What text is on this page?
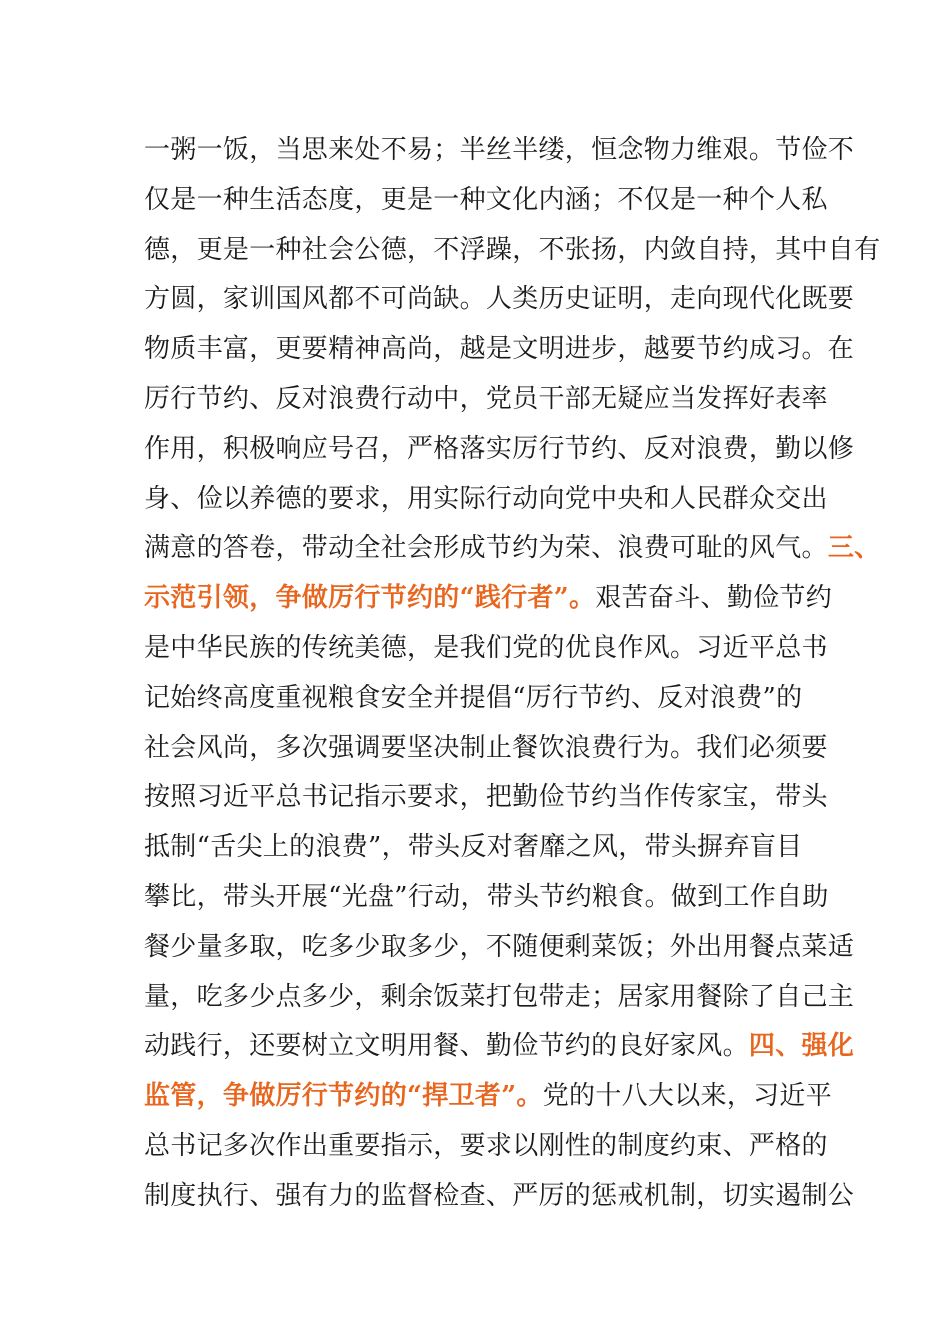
一粥一饭，当思来处不易；半丝半缕，恒念物力维艰。节俭不
仅是一种生活态度，更是一种文化内涵；不仅是一种个人私
德，更是一种社会公德，不浮躁，不张扬，内敛自持，其中自有
方圆，家训国风都不可尚缺。人类历史证明，走向现代化既要
物质丰富，更要精神高尚，越是文明进步，越要节约成习。在
厉行节约、反对浪费行动中，党员干部无疑应当发挥好表率
作用，积极响应号召，严格落实厉行节约、反对浪费，勤以修
身、俭以养德的要求，用实际行动向党中央和人民群众交出
满意的答卷，带动全社会形成节约为荣、浪费可耻的风气。三、
示范引领，争做厉行节约的“践行者”。艰苦奋斗、勤俭节约
是中华民族的传统美德，是我们党的优良作风。习近平总书
记始终高度重视粮食安全并提倡“厉行节约、反对浪费”的
社会风尚，多次强调要坚决制止餐饮浪费行为。我们必须要
按照习近平总书记指示要求，把勤俭节约当作传家宝，带头
抵制“舌尖上的浪费”，带头反对奢靡之风，带头摒弃盲目
攀比，带头开展“光盘”行动，带头节约粮食。做到工作自助
餐少量多取，吃多少取多少，不随便剩菜饭；外出用餐点菜适
量，吃多少点多少，剩余饭菜打包带走；居家用餐除了自己主
动践行，还要树立文明用餐、勤俭节约的良好家风。四、强化
监管，争做厉行节约的“捍卫者”。党的十八大以来，习近平
总书记多次作出重要指示，要求以刚性的制度约束、严格的
制度执行、强有力的监督检查、严厉的惩戒机制，切实遏制公
